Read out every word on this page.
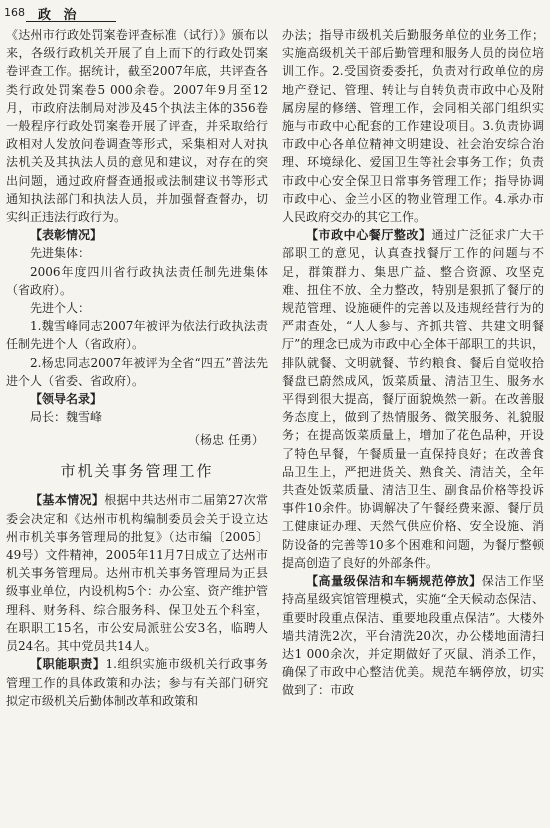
168 政 治

《达州市行政处罚案卷评查标准（试行）》颁布以来，各级行政机关开展了自上而下的行政处罚案卷评查工作。据统计，截至2007年底，共评查各类行政处罚案卷5 000余卷。2007年9月至12月，市政府法制局对涉及45个执法主体的356卷一般程序行政处罚案卷开展了评查，并采取给行政相对人发放问卷调查等形式，采集相对人对执法机关及其执法人员的意见和建议，对存在的突出问题，通过政府督查通报或法制建议书等形式通知执法部门和执法人员，并加强督查督办，切实纠正违法行政行为。

【表彰情况】

先进集体：

2006年度四川省行政执法责任制先进集体（省政府）。

先进个人：

1.魏雪峰同志2007年被评为依法行政执法责任制先进个人（省政府）。

2.杨忠同志2007年被评为全省“四五”普法先进个人（省委、省政府）。

【领导名录】

局长：魏雪峰

（杨忠 任勇）
市机关事务管理工作

【基本情况】根据中共达州市二届第27次常委会决定和《达州市机构编制委员会关于设立达州市机关事务管理局的批复》（达市编〔2005〕49号）文件精神，2005年11月7日成立了达州市机关事务管理局。达州市机关事务管理局为正县级事业单位，内设机构5个：办公室、资产维护管理科、财务科、综合服务科、保卫处五个科室，在职职工15名，市公安局派驻公安3名，临聘人员24名。其中党员共14人。

【职能职责】1.组织实施市级机关行政事务管理工作的具体政策和办法；参与有关部门研究拟定市级机关后勤体制改革和政策和

办法；指导市级机关后勤服务单位的业务工作；实施高级机关干部后勤管理和服务人员的岗位培训工作。2.受国资委委托，负责对行政单位的房地产登记、管理、转让与自转负责市政中心及附属房屋的修缮、管理工作，会同相关部门组织实施与市政中心配套的工作建设项目。3.负责协调市政中心各单位精神文明建设、社会治安综合治理、环境绿化、爱国卫生等社会事务工作；负责市政中心安全保卫日常事务管理工作；指导协调市政中心、金兰小区的物业管理工作。4.承办市人民政府交办的其它工作。

【市政中心餐厅整改】通过广泛征求广大干部职工的意见，认真查找餐厅工作的问题与不足，群策群力、集思广益、整合资源、攻坚克难、扭住不放、全力整改，特别是狠抓了餐厅的规范管理、设施硬件的完善以及违规经营行为的严肃查处，“人人参与、齐抓共管、共建文明餐厅”的理念已成为市政中心全体干部职工的共识，排队就餐、文明就餐、节约粮食、餐后自觉收拾餐盘已蔚然成风，饭菜质量、清洁卫生、服务水平得到很大提高，餐厅面貌焕然一新。在改善服务态度上，做到了热情服务、微笑服务、礼貌服务；在提高饭菜质量上，增加了花色品种，开设了特色早餐，午餐质量一直保持良好；在改善食品卫生上，严把进货关、熟食关、清洁关，全年共查处饭菜质量、清洁卫生、副食品价格等投诉事件10余件。协调解决了午餐经费来源、餐厅员工健康证办理、天然气供应价格、安全设施、消防设备的完善等10多个困难和问题，为餐厅整顿提高创造了良好的外部条件。

【高量级保洁和车辆规范停放】保洁工作坚持高星级宾馆管理模式，实施“全天候动态保洁、重要时段重点保洁、重要地段重点保洁”。大楼外墙共清洗2次，平台清洗20次，办公楼地面清扫达1 000余次，并定期做好了灭鼠、消杀工作，确保了市政中心整洁优美。规范车辆停放，切实做到了：市政
